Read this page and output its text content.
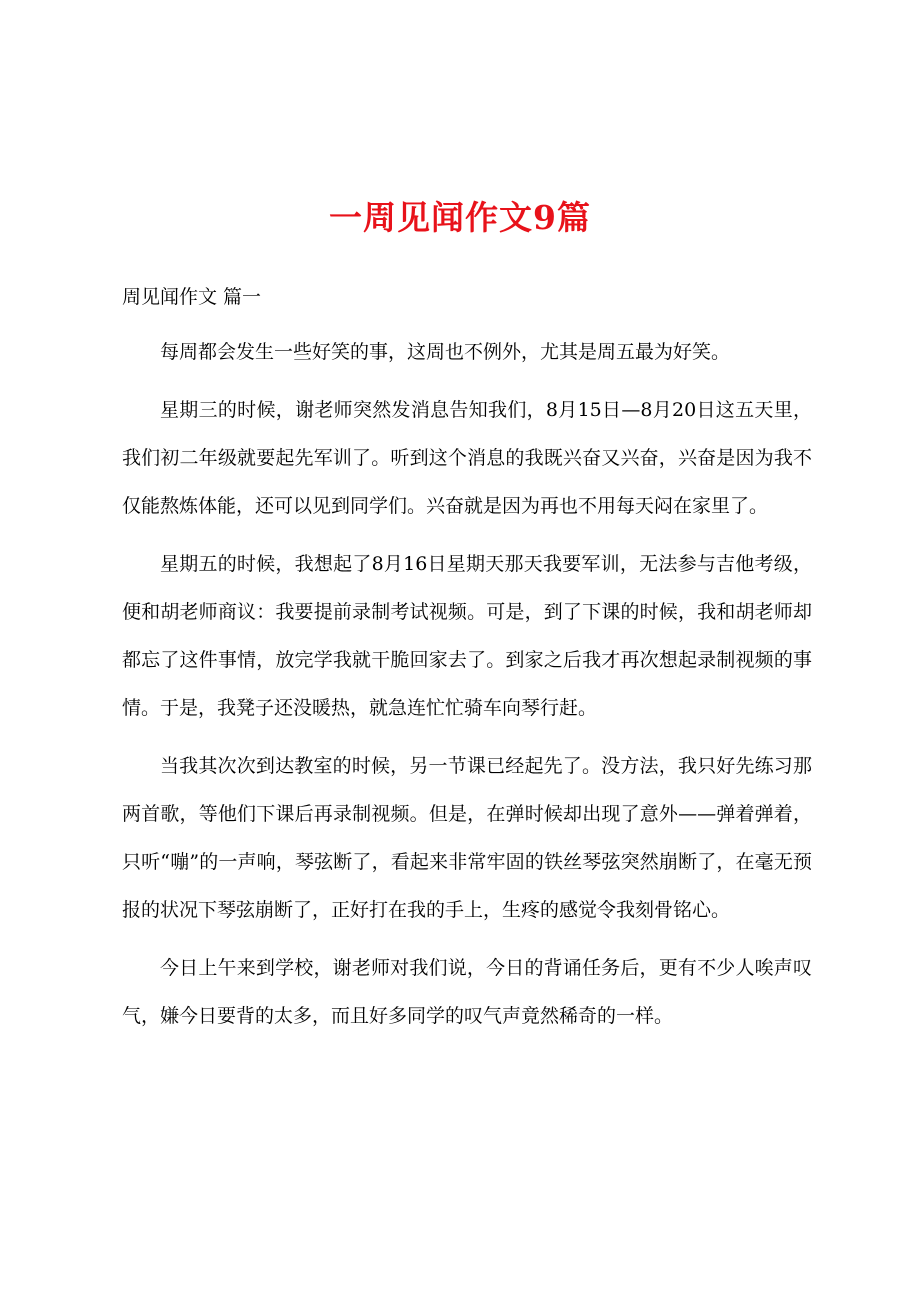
一周见闻作文9篇

周见闻作文 篇一

每周都会发生一些好笑的事，这周也不例外，尤其是周五最为好笑。

星期三的时候，谢老师突然发消息告知我们，8月15日—8月20日这五天里，我们初二年级就要起先军训了。听到这个消息的我既兴奋又兴奋，兴奋是因为我不仅能熬炼体能，还可以见到同学们。兴奋就是因为再也不用每天闷在家里了。

星期五的时候，我想起了8月16日星期天那天我要军训，无法参与吉他考级，便和胡老师商议：我要提前录制考试视频。可是，到了下课的时候，我和胡老师却都忘了这件事情，放完学我就干脆回家去了。到家之后我才再次想起录制视频的事情。于是，我凳子还没暖热，就急连忙忙骑车向琴行赶。

当我其次次到达教室的时候，另一节课已经起先了。没方法，我只好先练习那两首歌，等他们下课后再录制视频。但是，在弹时候却出现了意外——弹着弹着，只听“嘣”的一声响，琴弦断了，看起来非常牢固的铁丝琴弦突然崩断了，在毫无预报的状况下琴弦崩断了，正好打在我的手上，生疼的感觉令我刻骨铭心。

今日上午来到学校，谢老师对我们说，今日的背诵任务后，更有不少人唉声叹气，嫌今日要背的太多，而且好多同学的叹气声竟然稀奇的一样。
